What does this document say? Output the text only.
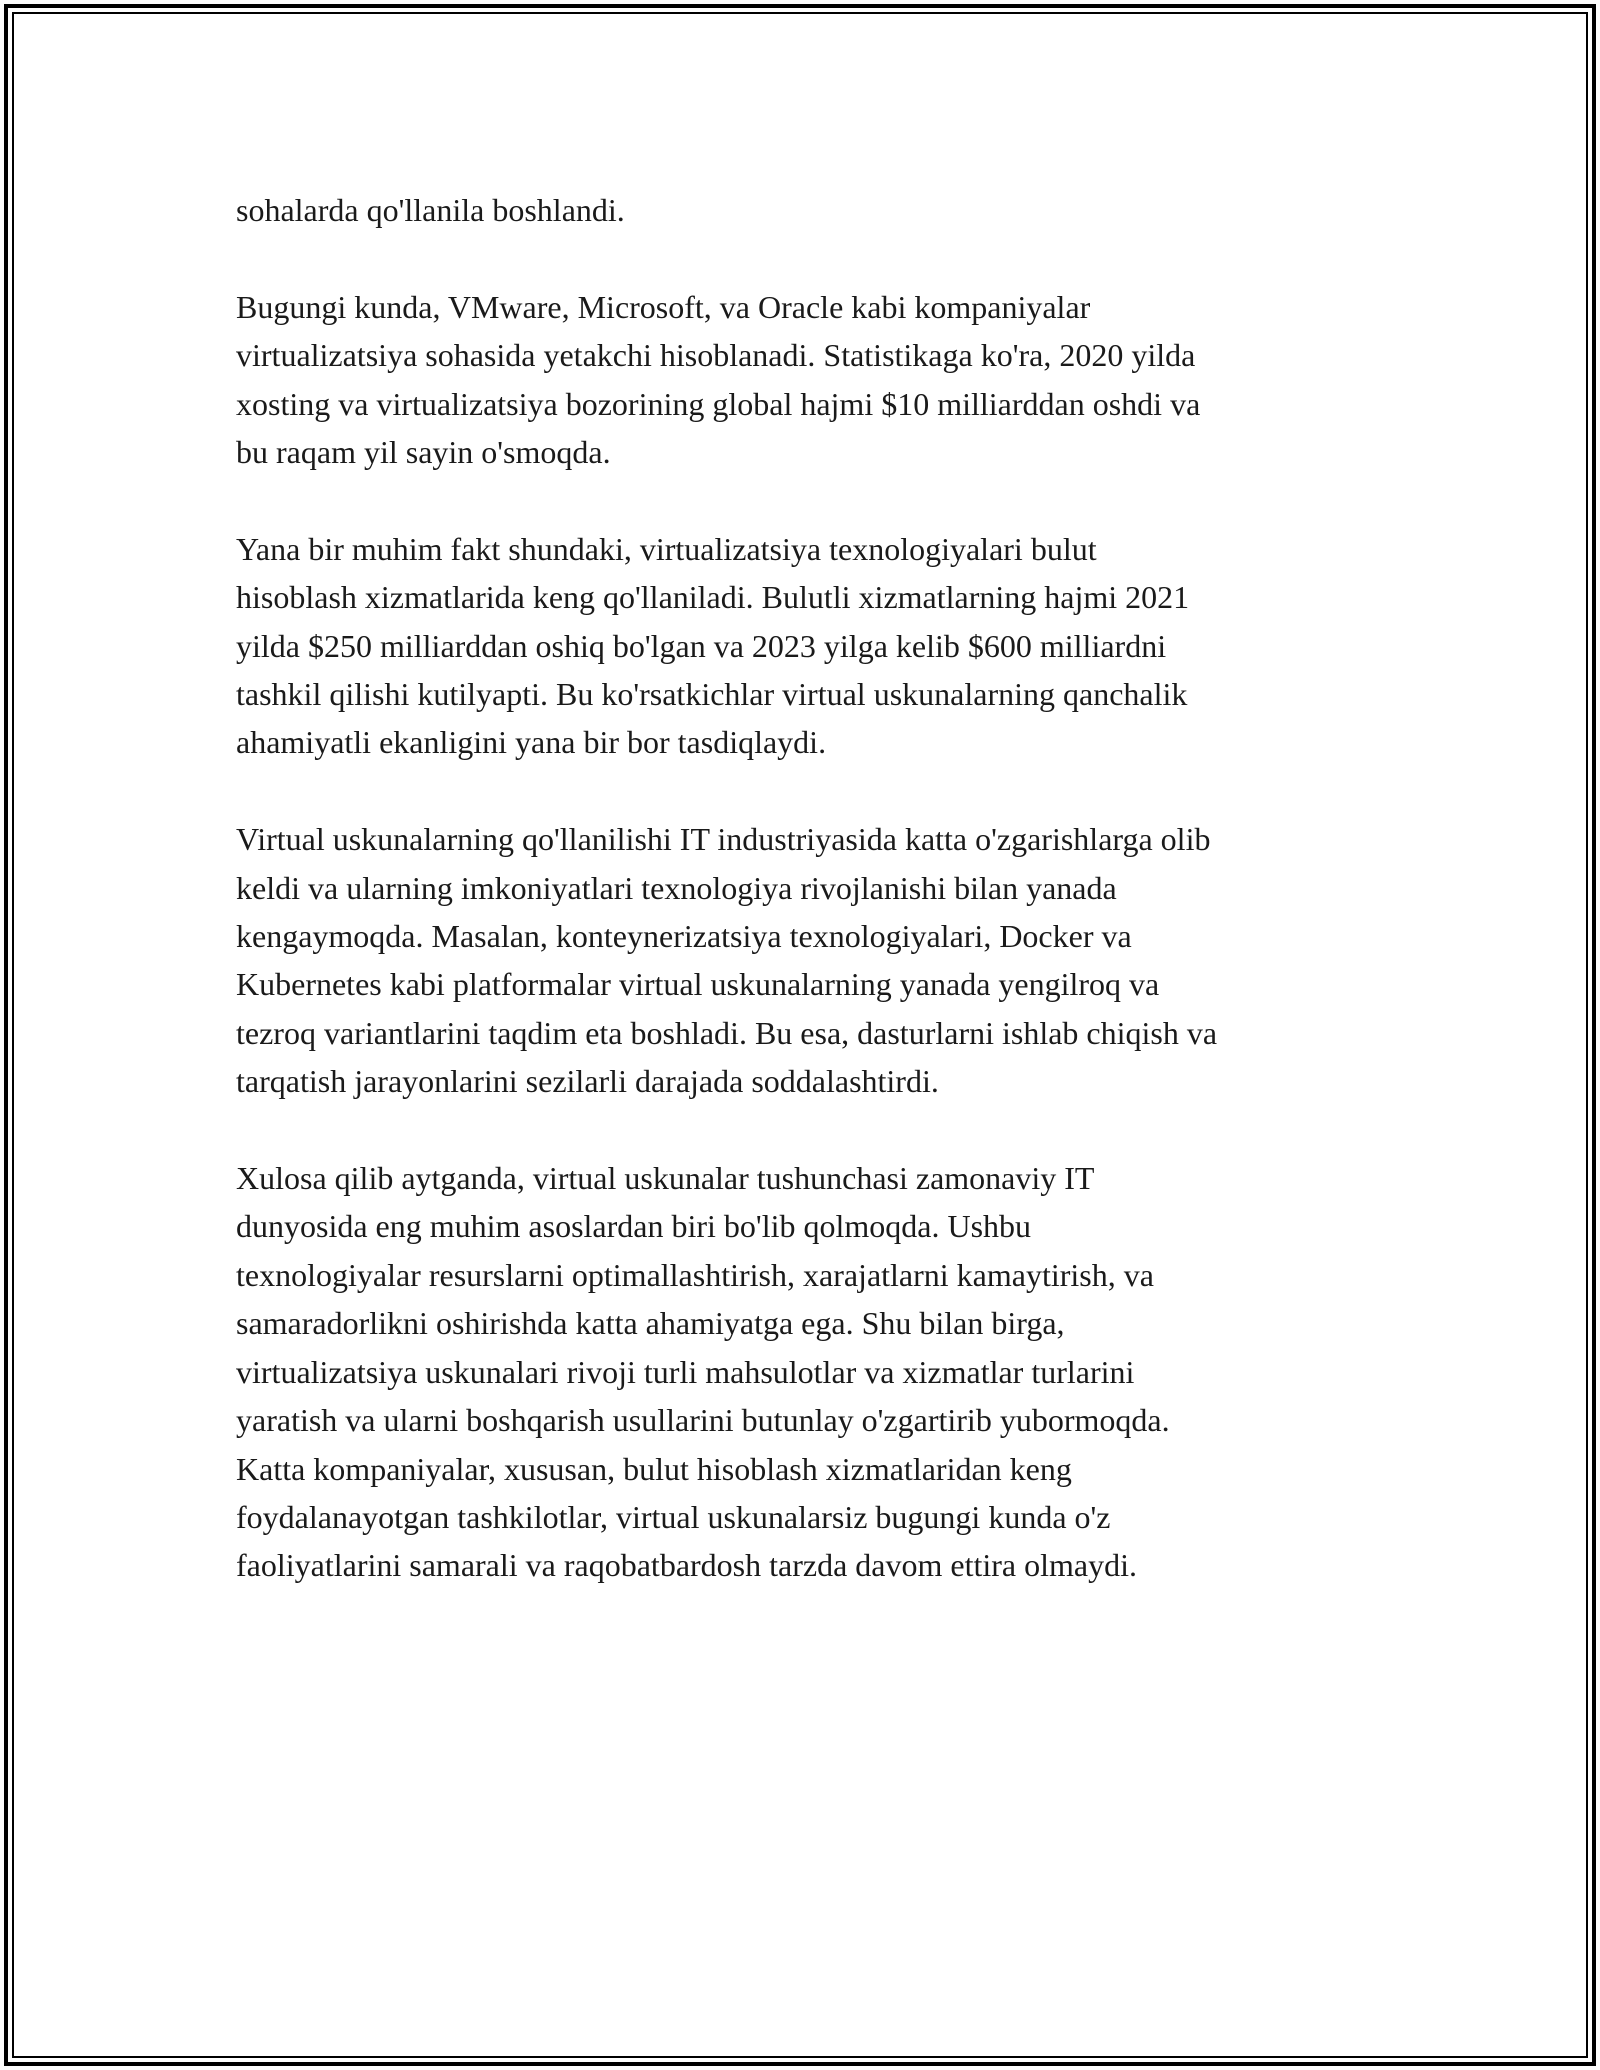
sohalarda qo'llanila boshlandi.

Bugungi kunda, VMware, Microsoft, va Oracle kabi kompaniyalar
virtualizatsiya sohasida yetakchi hisoblanadi. Statistikaga ko'ra, 2020 yilda
xosting va virtualizatsiya bozorining global hajmi $10 milliarddan oshdi va
bu raqam yil sayin o'smoqda.

Yana bir muhim fakt shundaki, virtualizatsiya texnologiyalari bulut
hisoblash xizmatlarida keng qo'llaniladi. Bulutli xizmatlarning hajmi 2021
yilda $250 milliarddan oshiq bo'lgan va 2023 yilga kelib $600 milliardni
tashkil qilishi kutilyapti. Bu ko'rsatkichlar virtual uskunalarning qanchalik
ahamiyatli ekanligini yana bir bor tasdiqlaydi.

Virtual uskunalarning qo'llanilishi IT industriyasida katta o'zgarishlarga olib
keldi va ularning imkoniyatlari texnologiya rivojlanishi bilan yanada
kengaymoqda. Masalan, konteynerizatsiya texnologiyalari, Docker va
Kubernetes kabi platformalar virtual uskunalarning yanada yengilroq va
tezroq variantlarini taqdim eta boshladi. Bu esa, dasturlarni ishlab chiqish va
tarqatish jarayonlarini sezilarli darajada soddalashtirdi.

Xulosa qilib aytganda, virtual uskunalar tushunchasi zamonaviy IT
dunyosida eng muhim asoslardan biri bo'lib qolmoqda. Ushbu
texnologiyalar resurslarni optimallashtirish, xarajatlarni kamaytirish, va
samaradorlikni oshirishda katta ahamiyatga ega. Shu bilan birga,
virtualizatsiya uskunalari rivoji turli mahsulotlar va xizmatlar turlarini
yaratish va ularni boshqarish usullarini butunlay o'zgartirib yubormoqda.
Katta kompaniyalar, xususan, bulut hisoblash xizmatlaridan keng
foydalanayotgan tashkilotlar, virtual uskunalarsiz bugungi kunda o'z
faoliyatlarini samarali va raqobatbardosh tarzda davom ettira olmaydi.
